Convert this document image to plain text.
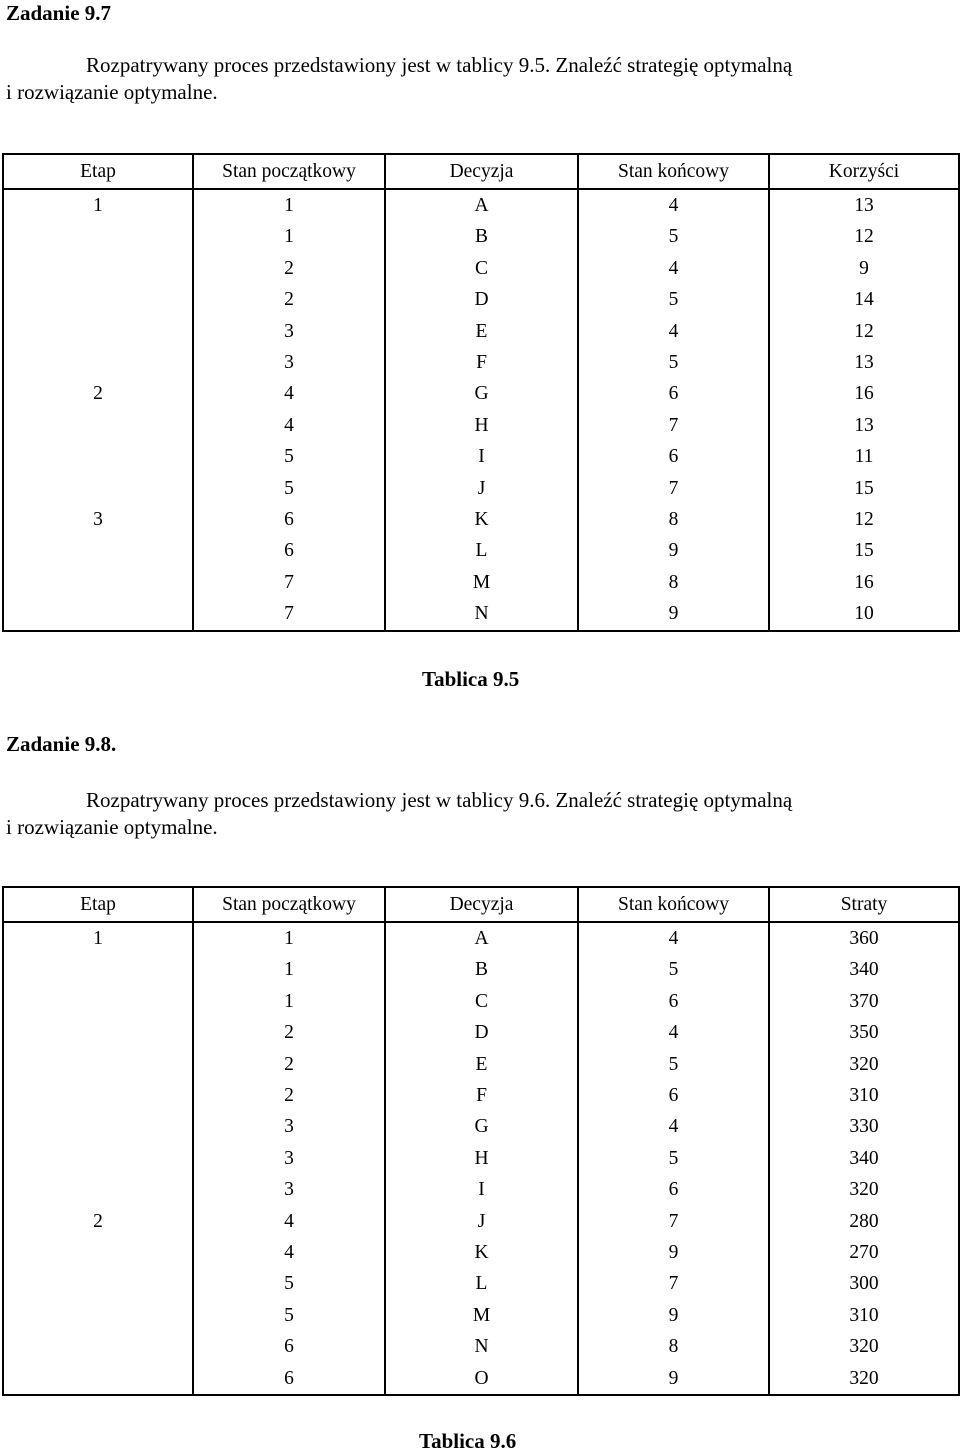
Zadanie 9.7
Rozpatrywany proces przedstawiony jest w tablicy 9.5. Znaleźć strategię optymalną
i rozwiązanie optymalne.
Etap	Stan początkowy	Decyzja	Stan końcowy	Korzyści
1	1	A	4	13
	1	B	5	12
	2	C	4	9
	2	D	5	14
	3	E	4	12
	3	F	5	13
2	4	G	6	16
	4	H	7	13
	5	I	6	11
	5	J	7	15
3	6	K	8	12
	6	L	9	15
	7	M	8	16
	7	N	9	10
Tablica 9.5
Zadanie 9.8.
Rozpatrywany proces przedstawiony jest w tablicy 9.6. Znaleźć strategię optymalną
i rozwiązanie optymalne.
Etap	Stan początkowy	Decyzja	Stan końcowy	Straty
1	1	A	4	360
	1	B	5	340
	1	C	6	370
	2	D	4	350
	2	E	5	320
	2	F	6	310
	3	G	4	330
	3	H	5	340
	3	I	6	320
2	4	J	7	280
	4	K	9	270
	5	L	7	300
	5	M	9	310
	6	N	8	320
	6	O	9	320
Tablica 9.6
